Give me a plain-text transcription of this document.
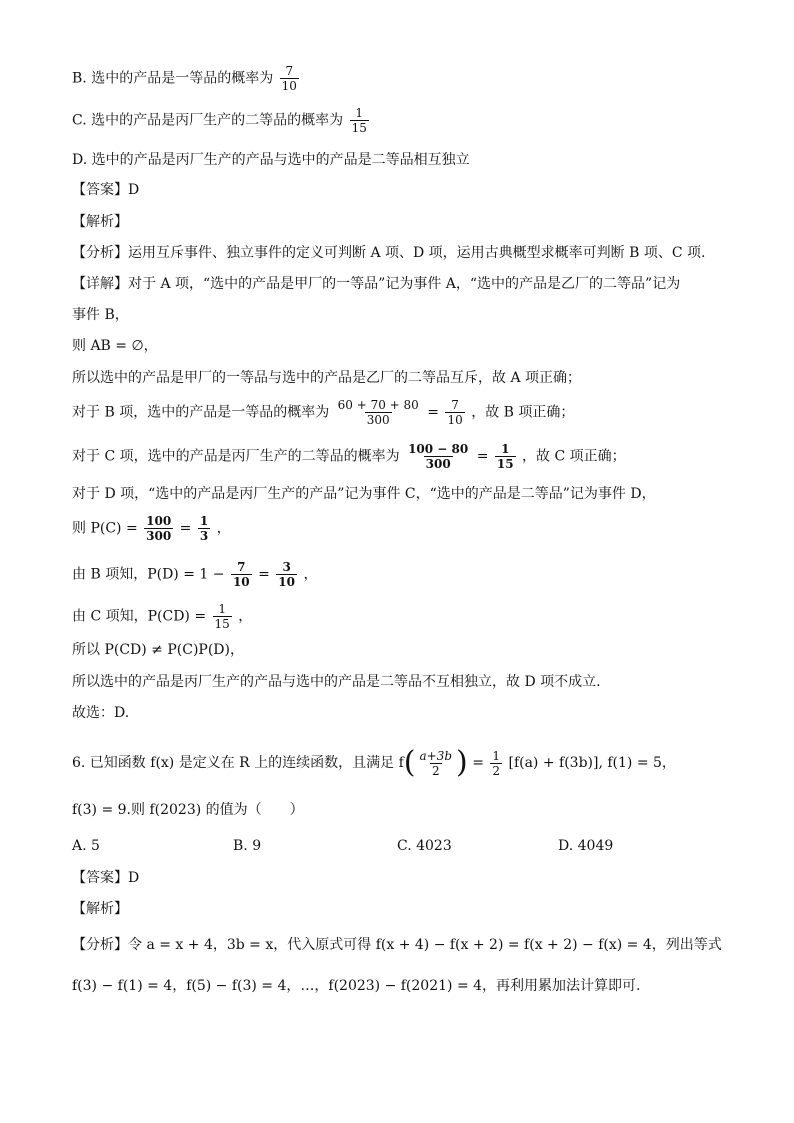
B. 选中的产品是一等品的概率为 $\frac{7}{10}$
C. 选中的产品是丙厂生产的二等品的概率为 $\frac{1}{15}$
D. 选中的产品是丙厂生产的产品与选中的产品是二等品相互独立
【答案】D
【解析】
【分析】运用互斥事件、独立事件的定义可判断 A 项、D 项，运用古典概型求概率可判断 B 项、C 项.
【详解】对于 A 项，“选中的产品是甲厂的一等品”记为事件 A，“选中的产品是乙厂的二等品”记为
事件 B，
则 AB = ∅，
所以选中的产品是甲厂的一等品与选中的产品是乙厂的二等品互斥，故 A 项正确；
对于 B 项，选中的产品是一等品的概率为 $\frac{60 + 70 + 80}{300} = \frac{7}{10}$ ，故 B 项正确；
对于 C 项，选中的产品是丙厂生产的二等品的概率为 $\frac{100 - 80}{300} = \frac{1}{15}$ ，故 C 项正确；
对于 D 项，“选中的产品是丙厂生产的产品”记为事件 C，“选中的产品是二等品”记为事件 D，
则 $P(C) = \frac{100}{300} = \frac{1}{3}$ ，
由 B 项知，$P(D) = 1 - \frac{7}{10} = \frac{3}{10}$ ，
由 C 项知，$P(CD) = \frac{1}{15}$ ，
所以 P(CD) ≠ P(C)P(D)，
所以选中的产品是丙厂生产的产品与选中的产品是二等品不互相独立，故 D 项不成立.
故选：D.
6. 已知函数 f(x) 是定义在 R 上的连续函数，且满足 $f( \frac{a+3b}{2}$ ) = $\frac{1}{2} [f(a) + f(3b)]$, f(1) = 5，
f(3) = 9.则 f(2023) 的值为（　　）
A. 5	B. 9	C. 4023	D. 4049
【答案】D
【解析】
【分析】令 a = x + 4，3b = x，代入原式可得 f(x + 4) − f(x + 2) = f(x + 2) − f(x) = 4，列出等式
f(3) − f(1) = 4，f(5) − f(3) = 4，…，f(2023) − f(2021) = 4，再利用累加法计算即可.
